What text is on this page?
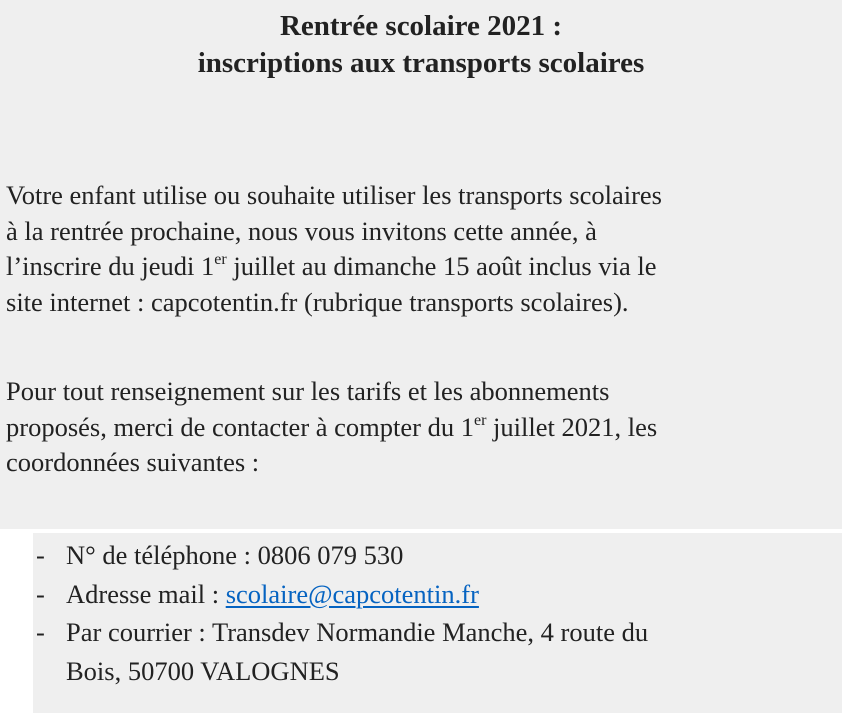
Rentrée scolaire 2021 :
inscriptions aux transports scolaires

Votre enfant utilise ou souhaite utiliser les transports scolaires
à la rentrée prochaine, nous vous invitons cette année, à
l’inscrire du jeudi 1er juillet au dimanche 15 août inclus via le
site internet : capcotentin.fr (rubrique transports scolaires).

Pour tout renseignement sur les tarifs et les abonnements
proposés, merci de contacter à compter du 1er juillet 2021, les
coordonnées suivantes :

- N° de téléphone : 0806 079 530
- Adresse mail : scolaire@capcotentin.fr
- Par courrier : Transdev Normandie Manche, 4 route du
Bois, 50700 VALOGNES
